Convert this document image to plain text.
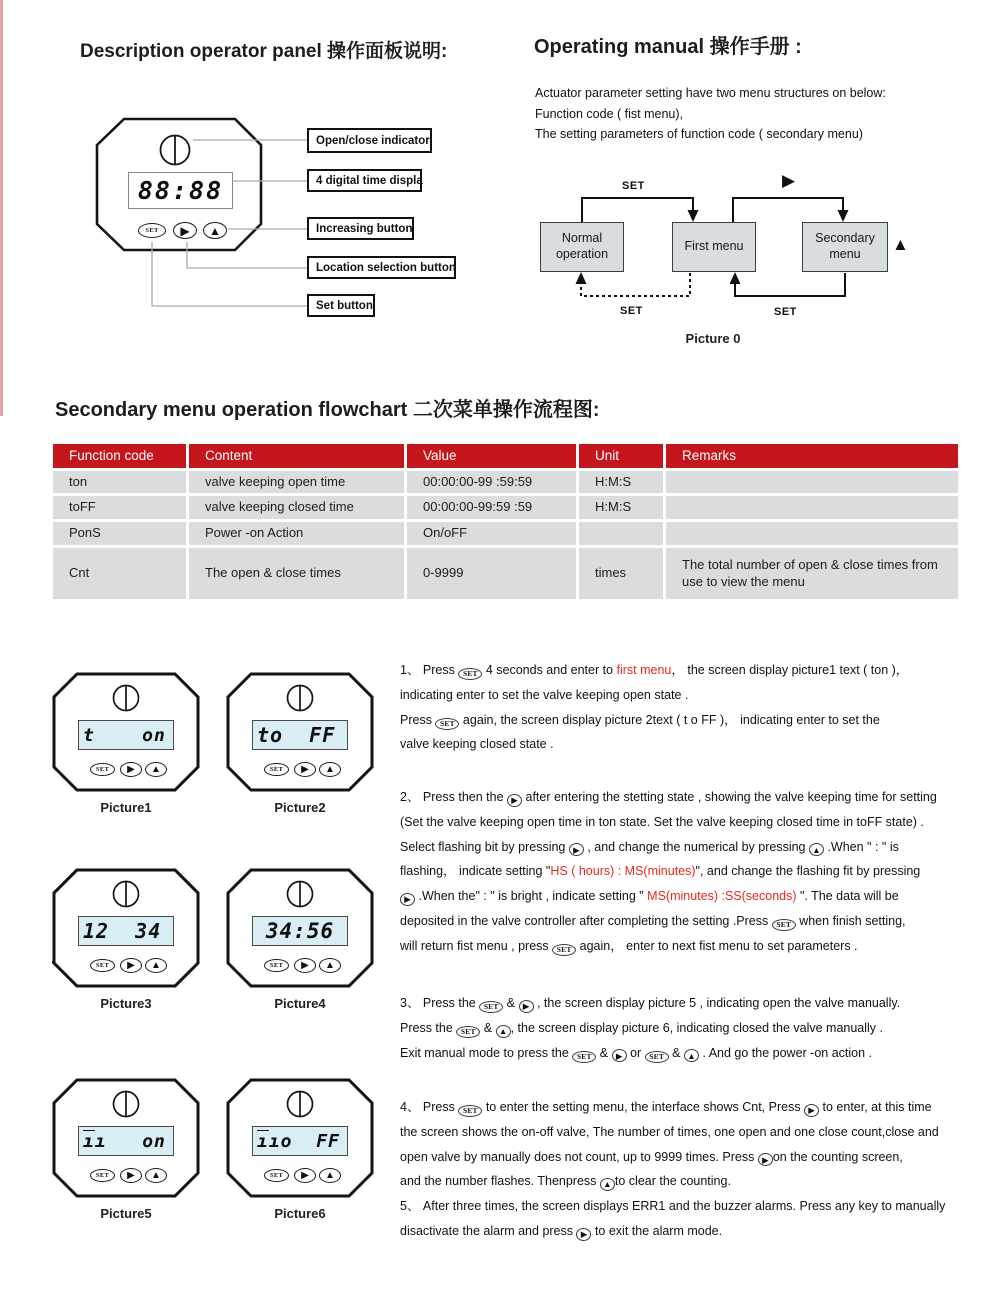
Description operator panel 操作面板说明:	Operating manual 操作手册 :
Actuator parameter setting have two menu structures on below:
Function code ( fist menu),
The setting parameters of function code ( secondary menu)
88:88
SET ▶ ▲
Open/close indicator
4 digital time displa
Increasing button
Location selection button
Set button
Normal operation
First menu
Secondary menu
SET	▶
▲
SET	SET
Picture 0
Secondary menu operation flowchart 二次菜单操作流程图:
Function code	Content	Value	Unit	Remarks
ton	valve keeping open time	00:00:00-99 :59:59	H:M:S	
toFF	valve keeping closed time	00:00:00-99:59 :59	H:M:S	
PonS	Power -on Action	On/oFF		
Cnt	The open & close times	0-9999	times	The total number of open & close times from use to view the menu
t    on
SET ▶ ▲
Picture1
to  FF
SET ▶ ▲
Picture2
12  34
SET ▶ ▲
Picture3
34:56
SET ▶ ▲
Picture4
$\overline{ı}$ ı   on
SET ▶ ▲
Picture5
$\overline{ı}$ ıo  FF
SET ▶ ▲
Picture6

1、 Press SET 4 seconds and enter to first menu， the screen display picture1 text ( ton )，
indicating enter to set the valve keeping open state .
Press SET again, the screen display picture 2text ( t o FF )， indicating enter to set the
valve keeping closed state .

2、 Press then the ▶ after entering the stetting state , showing the valve keeping time for setting
(Set the valve keeping open time in ton state. Set the valve keeping closed time in toFF state) .
Select flashing bit by pressing ▶ , and change the numerical by pressing ▲ .When " : " is
flashing， indicate setting "HS ( hours) : MS(minutes)", and change the flashing fit by pressing

▶ .When the" : " is bright , indicate setting " MS(minutes) :SS(seconds) ". The data will be
deposited in the valve controller after completing the setting .Press SET when finish setting,
will return fist menu , press SET again， enter to next fist menu to set parameters .

3、 Press the SET & ▶ , the screen display picture 5 , indicating open the valve manually.
Press the SET & ▲ , the screen display picture 6, indicating closed the valve manually .
Exit manual mode to press the SET & ▶ or SET & ▲ . And go the power -on action .

4、 Press SET to enter the setting menu, the interface shows Cnt, Press ▶ to enter, at this time
the screen shows the on-off valve, The number of times, one open and one close count,close and
open valve by manually does not count, up to 9999 times. Press ▶ on the counting screen,
and the number flashes. Thenpress ▲ to clear the counting.
5、 After three times, the screen displays ERR1 and the buzzer alarms. Press any key to manually
disactivate the alarm and press ▶ to exit the alarm mode.
